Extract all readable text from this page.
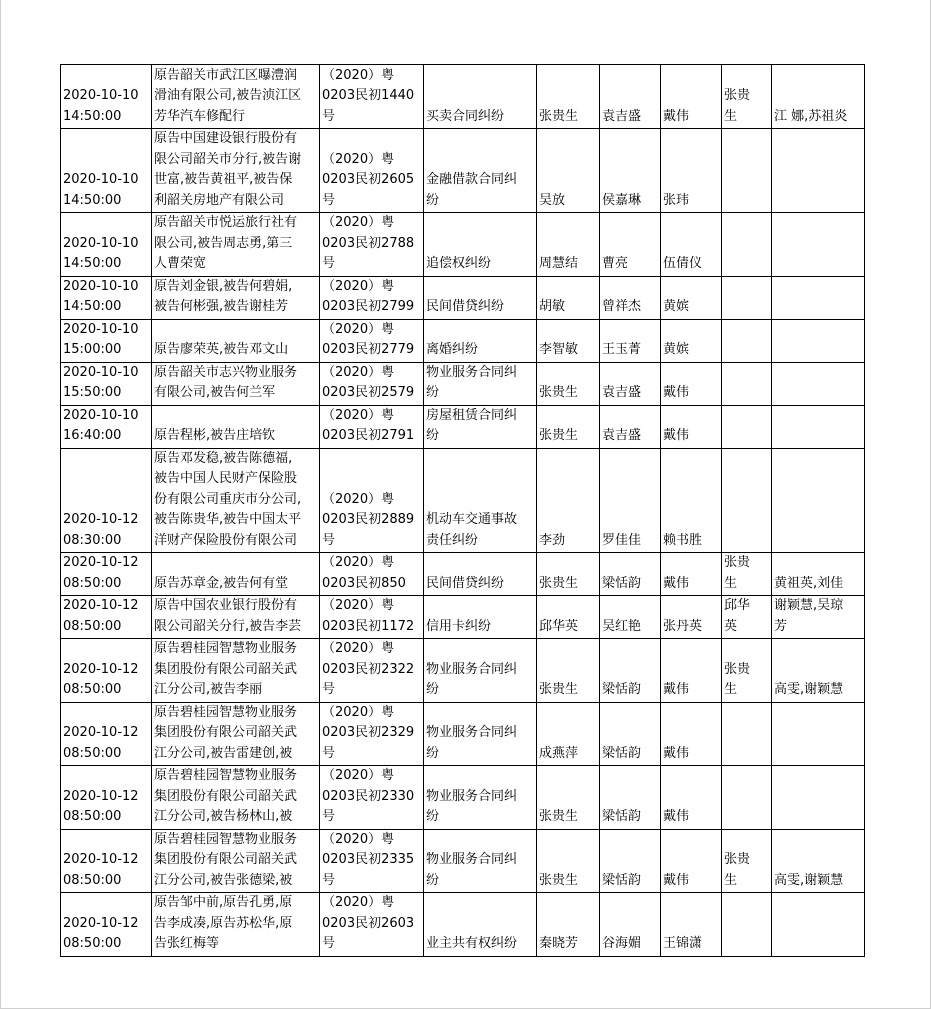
2020-10-10
14:50:00	原告韶关市武江区曝澧润
滑油有限公司,被告浈江区
芳华汽车修配行	（2020）粤
0203民初1440
号	买卖合同纠纷	张贵生	袁吉盛	戴伟	张贵
生	江 娜,苏祖炎
2020-10-10
14:50:00	原告中国建设银行股份有
限公司韶关市分行,被告谢
世富,被告黄祖平,被告保
利韶关房地产有限公司	（2020）粤
0203民初2605
号	金融借款合同纠
纷	吴放	侯嘉琳	张玮		
2020-10-10
14:50:00	原告韶关市悦运旅行社有
限公司,被告周志勇,第三
人曹荣宽	（2020）粤
0203民初2788
号	追偿权纠纷	周慧结	曹亮	伍倩仪		
2020-10-10
14:50:00	原告刘金银,被告何碧娟,
被告何彬强,被告谢桂芳	（2020）粤
0203民初2799	民间借贷纠纷	胡敏	曾祥杰	黄嫔		
2020-10-10
15:00:00	原告廖荣英,被告邓文山	（2020）粤
0203民初2779	离婚纠纷	李智敏	王玉菁	黄嫔		
2020-10-10
15:50:00	原告韶关市志兴物业服务
有限公司,被告何兰军	（2020）粤
0203民初2579	物业服务合同纠
纷	张贵生	袁吉盛	戴伟		
2020-10-10
16:40:00	原告程彬,被告庄培钦	（2020）粤
0203民初2791	房屋租赁合同纠
纷	张贵生	袁吉盛	戴伟		
2020-10-12
08:30:00	原告邓发稳,被告陈德福,
被告中国人民财产保险股
份有限公司重庆市分公司,
被告陈贵华,被告中国太平
洋财产保险股份有限公司	（2020）粤
0203民初2889
号	机动车交通事故
责任纠纷	李劲	罗佳佳	赖书胜		
2020-10-12
08:50:00	原告苏章金,被告何有堂	（2020）粤
0203民初850	民间借贷纠纷	张贵生	梁恬韵	戴伟	张贵
生	黄祖英,刘佳
2020-10-12
08:50:00	原告中国农业银行股份有
限公司韶关分行,被告李芸	（2020）粤
0203民初1172	信用卡纠纷	邱华英	吴红艳	张丹英	邱华
英	谢颖慧,吴琼
芳
2020-10-12
08:50:00	原告碧桂园智慧物业服务
集团股份有限公司韶关武
江分公司,被告李丽	（2020）粤
0203民初2322
号	物业服务合同纠
纷	张贵生	梁恬韵	戴伟	张贵
生	高雯,谢颖慧
2020-10-12
08:50:00	原告碧桂园智慧物业服务
集团股份有限公司韶关武
江分公司,被告雷建创,被	（2020）粤
0203民初2329
号	物业服务合同纠
纷	成燕萍	梁恬韵	戴伟		
2020-10-12
08:50:00	原告碧桂园智慧物业服务
集团股份有限公司韶关武
江分公司,被告杨林山,被	（2020）粤
0203民初2330
号	物业服务合同纠
纷	张贵生	梁恬韵	戴伟		
2020-10-12
08:50:00	原告碧桂园智慧物业服务
集团股份有限公司韶关武
江分公司,被告张德梁,被	（2020）粤
0203民初2335
号	物业服务合同纠
纷	张贵生	梁恬韵	戴伟	张贵
生	高雯,谢颖慧
2020-10-12
08:50:00	原告邹中前,原告孔勇,原
告李成凑,原告苏松华,原
告张红梅等	（2020）粤
0203民初2603
号	业主共有权纠纷	秦晓芳	谷海媚	王锦潇		
